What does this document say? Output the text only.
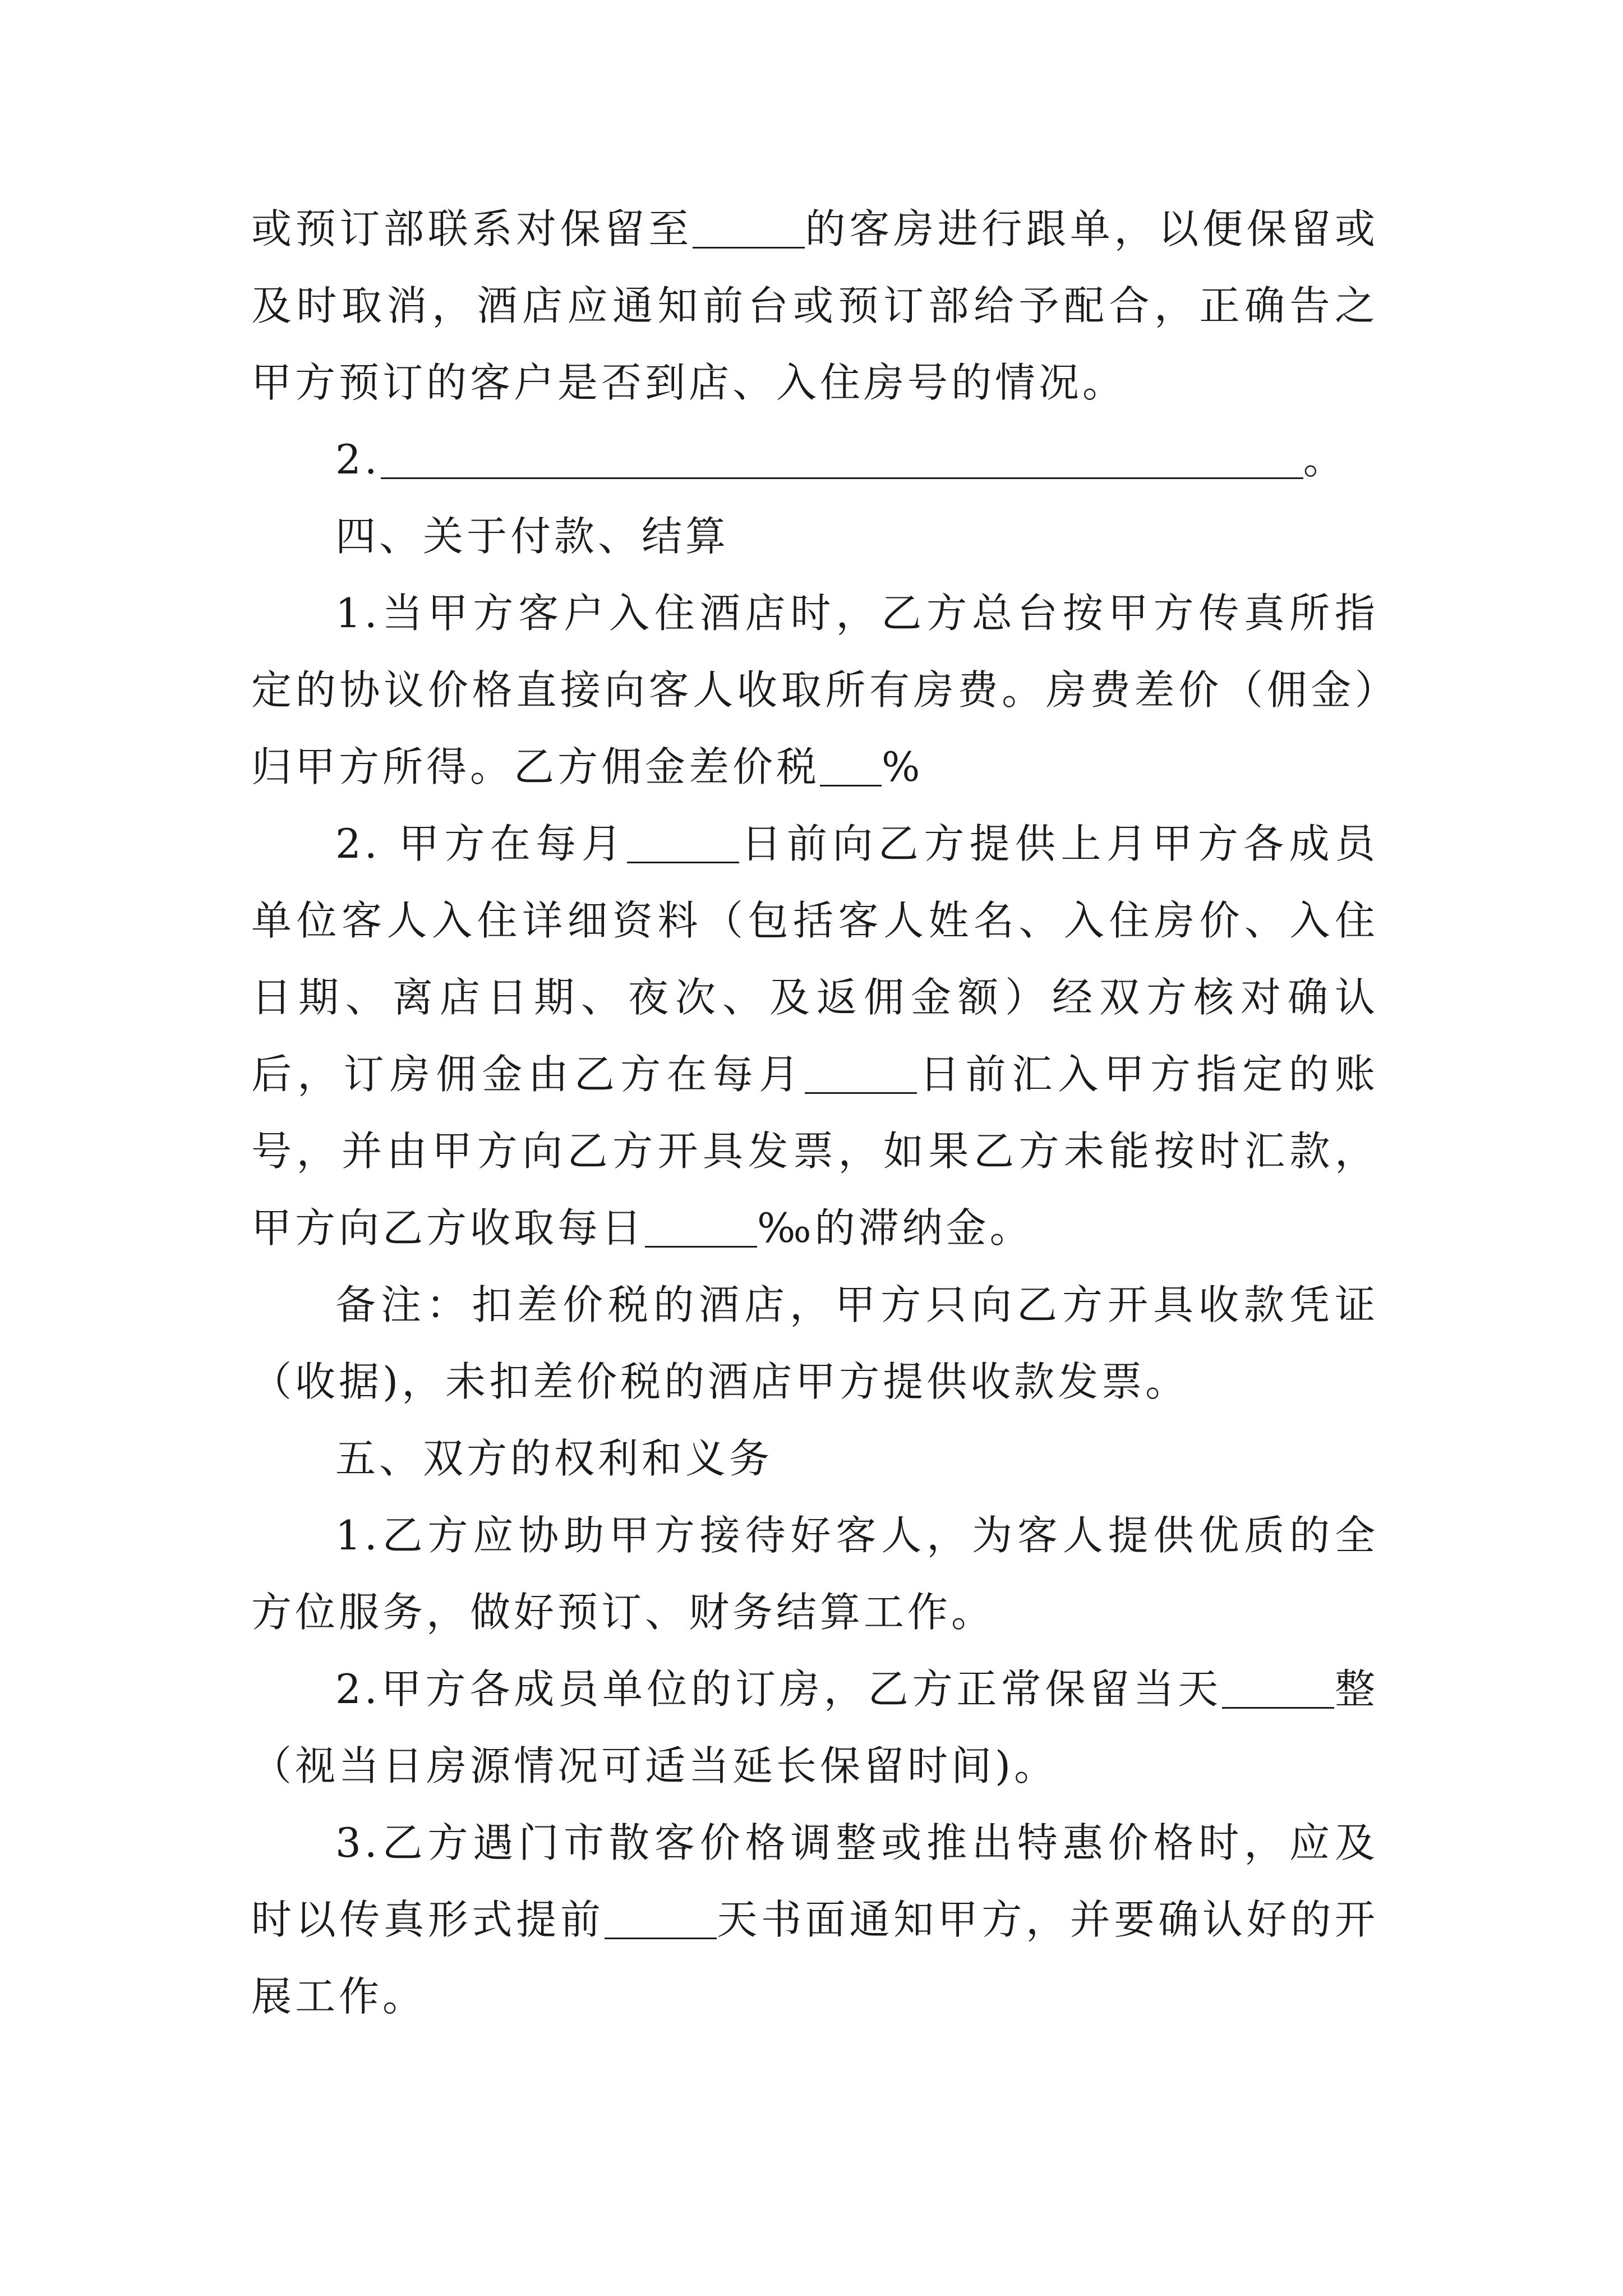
或预订部联系对保留至	的客房进行跟单，以便保留或及时取消，酒店应通知前台或预订部给予配合，正确告之甲方预订的客户是否到店、入住房号的情况。

2.	。

四、关于付款、结算

1.当甲方客户入住酒店时，乙方总台按甲方传真所指定的协议价格直接向客人收取所有房费。房费差价（佣金）归甲方所得。乙方佣金差价税 %

2. 甲方在每月	日前向乙方提供上月甲方各成员单位客人入住详细资料（包括客人姓名、入住房价、入住日期、离店日期、夜次、及返佣金额）经双方核对确认后，订房佣金由乙方在每月	日前汇入甲方指定的账号，并由甲方向乙方开具发票，如果乙方未能按时汇款，甲方向乙方收取每日	‰的滞纳金。

备注：扣差价税的酒店，甲方只向乙方开具收款凭证（收据)，未扣差价税的酒店甲方提供收款发票。

五、双方的权利和义务

1.乙方应协助甲方接待好客人，为客人提供优质的全方位服务，做好预订、财务结算工作。

2.甲方各成员单位的订房，乙方正常保留当天	整（视当日房源情况可适当延长保留时间)。

3.乙方遇门市散客价格调整或推出特惠价格时，应及时以传真形式提前	天书面通知甲方，并要确认好的开展工作。
